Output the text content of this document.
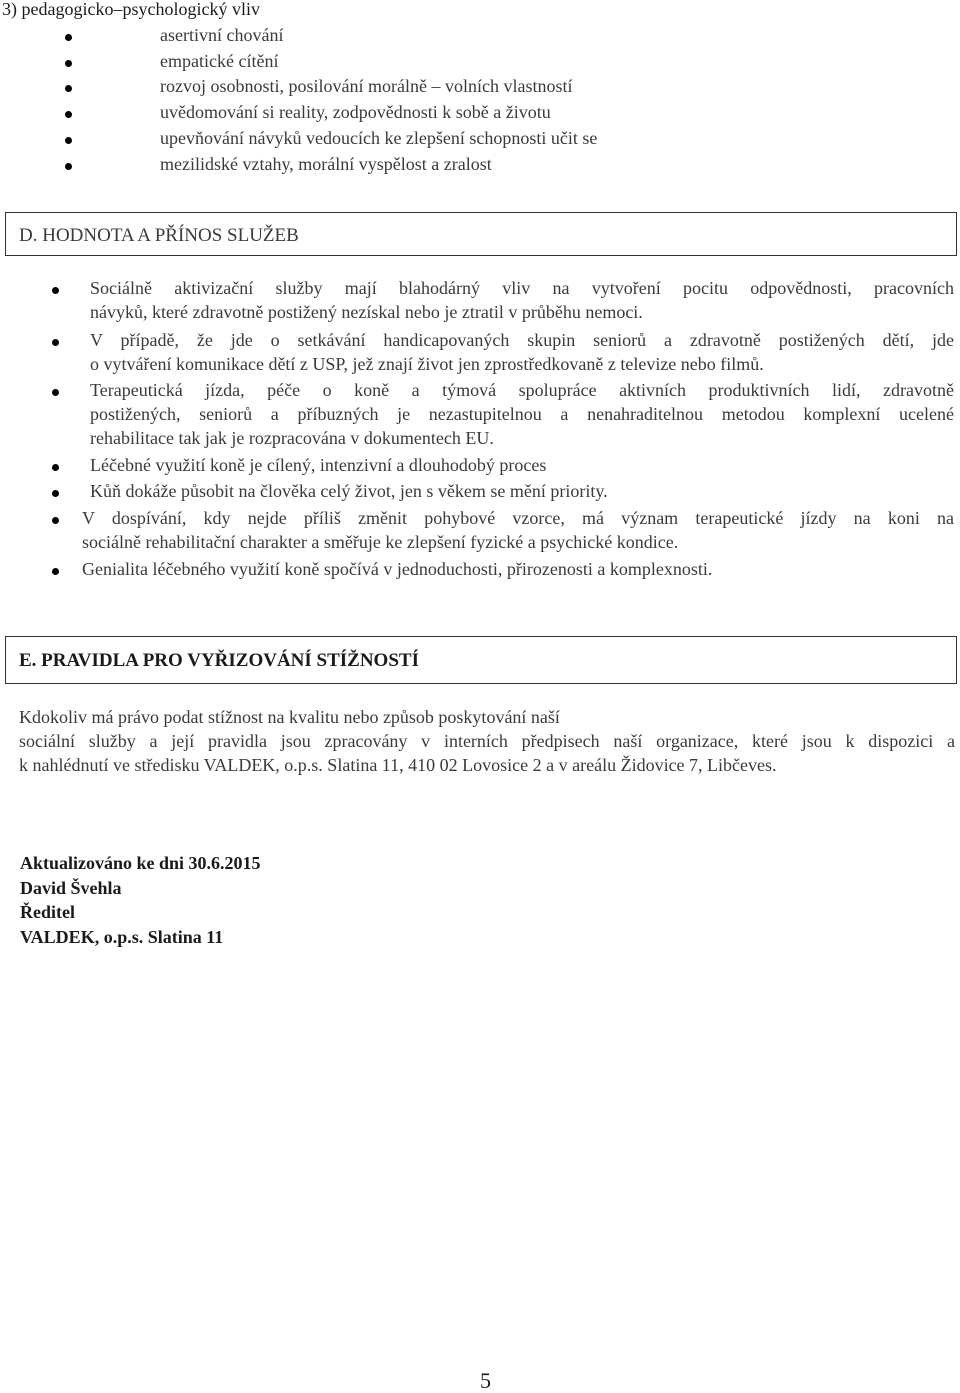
3) pedagogicko–psychologický vliv
asertivní chování
empatické cítění
rozvoj osobnosti, posilování morálně – volních vlastností
uvědomování si reality, zodpovědnosti k sobě a životu
upevňování návyků vedoucích ke zlepšení schopnosti učit se
mezilidské vztahy, morální vyspělost a zralost
D. HODNOTA A PŘÍNOS SLUŽEB
Sociálně aktivizační služby mají blahodárný vliv na vytvoření pocitu odpovědnosti, pracovních
návyků, které zdravotně postižený nezískal nebo je ztratil v průběhu nemoci.
V případě, že jde o setkávání handicapovaných skupin seniorů a zdravotně postižených dětí, jde
o vytváření komunikace dětí z USP, jež znají život jen zprostředkovaně z televize nebo filmů.
Terapeutická jízda, péče o koně a týmová spolupráce aktivních produktivních lidí, zdravotně
postižených, seniorů a příbuzných je nezastupitelnou a nenahraditelnou metodou komplexní ucelené
rehabilitace tak jak je rozpracována v dokumentech EU.
Léčebné využití koně je cílený, intenzivní a dlouhodobý proces
Kůň dokáže působit na člověka celý život, jen s věkem se mění priority.
V dospívání, kdy nejde příliš změnit pohybové vzorce, má význam terapeutické jízdy na koni na
sociálně rehabilitační charakter a směřuje ke zlepšení fyzické a psychické kondice.
Genialita léčebného využití koně spočívá v jednoduchosti, přirozenosti a komplexnosti.
E. PRAVIDLA PRO VYŘIZOVÁNÍ STÍŽNOSTÍ
Kdokoliv má právo podat stížnost na kvalitu nebo způsob poskytování naší
sociální služby a její pravidla jsou zpracovány v interních předpisech naší organizace, které jsou k dispozici a
k nahlédnutí ve středisku VALDEK, o.p.s. Slatina 11, 410 02 Lovosice 2 a v areálu Židovice 7, Libčeves.
Aktualizováno ke dni 30.6.2015
David Švehla
Ředitel
VALDEK, o.p.s. Slatina 11
5
